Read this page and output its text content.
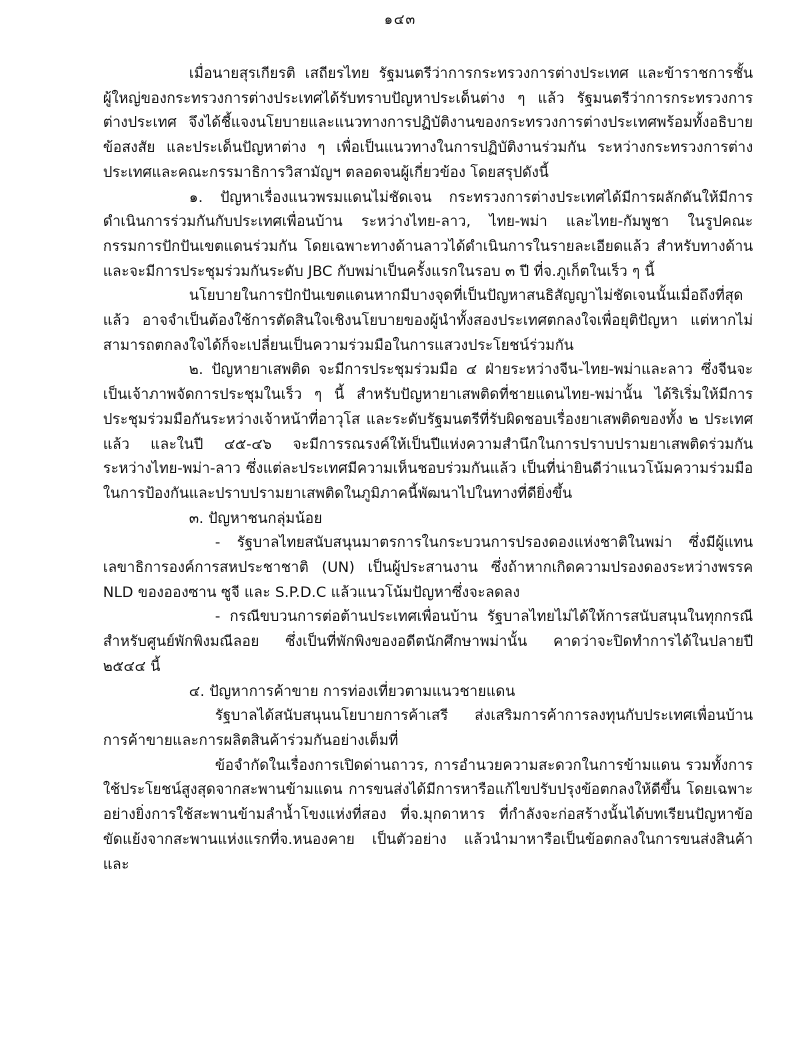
๑๔๓

เมื่อนายสุรเกียรติ เสถียรไทย รัฐมนตรีว่าการกระทรวงการต่างประเทศ และข้าราชการชั้นผู้ใหญ่ของกระทรวงการต่างประเทศได้รับทราบปัญหาประเด็นต่าง ๆ แล้ว รัฐมนตรีว่าการกระทรวงการต่างประเทศ จึงได้ชี้แจงนโยบายและแนวทางการปฏิบัติงานของกระทรวงการต่างประเทศพร้อมทั้งอธิบายข้อสงสัย และประเด็นปัญหาต่าง ๆ เพื่อเป็นแนวทางในการปฏิบัติงานร่วมกัน ระหว่างกระทรวงการต่างประเทศและคณะกรรมาธิการวิสามัญฯ ตลอดจนผู้เกี่ยวข้อง โดยสรุปดังนี้

๑. ปัญหาเรื่องแนวพรมแดนไม่ชัดเจน กระทรวงการต่างประเทศได้มีการผลักดันให้มีการดำเนินการร่วมกันกับประเทศเพื่อนบ้าน ระหว่างไทย-ลาว, ไทย-พม่า และไทย-กัมพูชา ในรูปคณะกรรมการปักปันเขตแดนร่วมกัน โดยเฉพาะทางด้านลาวได้ดำเนินการในรายละเอียดแล้ว สำหรับทางด้านและจะมีการประชุมร่วมกันระดับ JBC กับพม่าเป็นครั้งแรกในรอบ ๓ ปี ที่จ.ภูเก็ตในเร็ว ๆ นี้

นโยบายในการปักปันเขตแดนหากมีบางจุดที่เป็นปัญหาสนธิสัญญาไม่ชัดเจนนั้นเมื่อถึงที่สุดแล้ว อาจจำเป็นต้องใช้การตัดสินใจเชิงนโยบายของผู้นำทั้งสองประเทศตกลงใจเพื่อยุติปัญหา แต่หากไม่สามารถตกลงใจได้ก็จะเปลี่ยนเป็นความร่วมมือในการแสวงประโยชน์ร่วมกัน

๒. ปัญหายาเสพติด จะมีการประชุมร่วมมือ ๔ ฝ่ายระหว่างจีน-ไทย-พม่าและลาว ซึ่งจีนจะเป็นเจ้าภาพจัดการประชุมในเร็ว ๆ นี้ สำหรับปัญหายาเสพติดที่ชายแดนไทย-พม่านั้น ได้ริเริ่มให้มีการประชุมร่วมมือกันระหว่างเจ้าหน้าที่อาวุโส และระดับรัฐมนตรีที่รับผิดชอบเรื่องยาเสพติดของทั้ง ๒ ประเทศแล้ว และในปี ๔๕-๔๖ จะมีการรณรงค์ให้เป็นปีแห่งความสำนึกในการปราบปรามยาเสพติดร่วมกัน ระหว่างไทย-พม่า-ลาว ซึ่งแต่ละประเทศมีความเห็นชอบร่วมกันแล้ว เป็นที่น่ายินดีว่าแนวโน้มความร่วมมือในการป้องกันและปราบปรามยาเสพติดในภูมิภาคนี้พัฒนาไปในทางที่ดียิ่งขึ้น

๓. ปัญหาชนกลุ่มน้อย

- รัฐบาลไทยสนับสนุนมาตรการในกระบวนการปรองดองแห่งชาติในพม่า ซึ่งมีผู้แทนเลขาธิการองค์การสหประชาชาติ (UN) เป็นผู้ประสานงาน ซึ่งถ้าหากเกิดความปรองดองระหว่างพรรค NLD ของอองซาน ซูจี และ S.P.D.C แล้วแนวโน้มปัญหาซึ่งจะลดลง

- กรณีขบวนการต่อต้านประเทศเพื่อนบ้าน รัฐบาลไทยไม่ได้ให้การสนับสนุนในทุกกรณี สำหรับศูนย์พักพิงมณีลอย ซึ่งเป็นที่พักพิงของอดีตนักศึกษาพม่านั้น คาดว่าจะปิดทำการได้ในปลายปี ๒๕๔๔ นี้

๔. ปัญหาการค้าขาย การท่องเที่ยวตามแนวชายแดน

รัฐบาลได้สนับสนุนนโยบายการค้าเสรี ส่งเสริมการค้าการลงทุนกับประเทศเพื่อนบ้านการค้าขายและการผลิตสินค้าร่วมกันอย่างเต็มที่

ข้อจำกัดในเรื่องการเปิดด่านถาวร, การอำนวยความสะดวกในการข้ามแดน รวมทั้งการใช้ประโยชน์สูงสุดจากสะพานข้ามแดน การขนส่งได้มีการหารือแก้ไขปรับปรุงข้อตกลงให้ดีขึ้น โดยเฉพาะอย่างยิ่งการใช้สะพานข้ามลำน้ำโขงแห่งที่สอง ที่จ.มุกดาหาร ที่กำลังจะก่อสร้างนั้นได้บทเรียนปัญหาข้อขัดแย้งจากสะพานแห่งแรกที่จ.หนองคาย เป็นตัวอย่าง แล้วนำมาหารือเป็นข้อตกลงในการขนส่งสินค้าและ
